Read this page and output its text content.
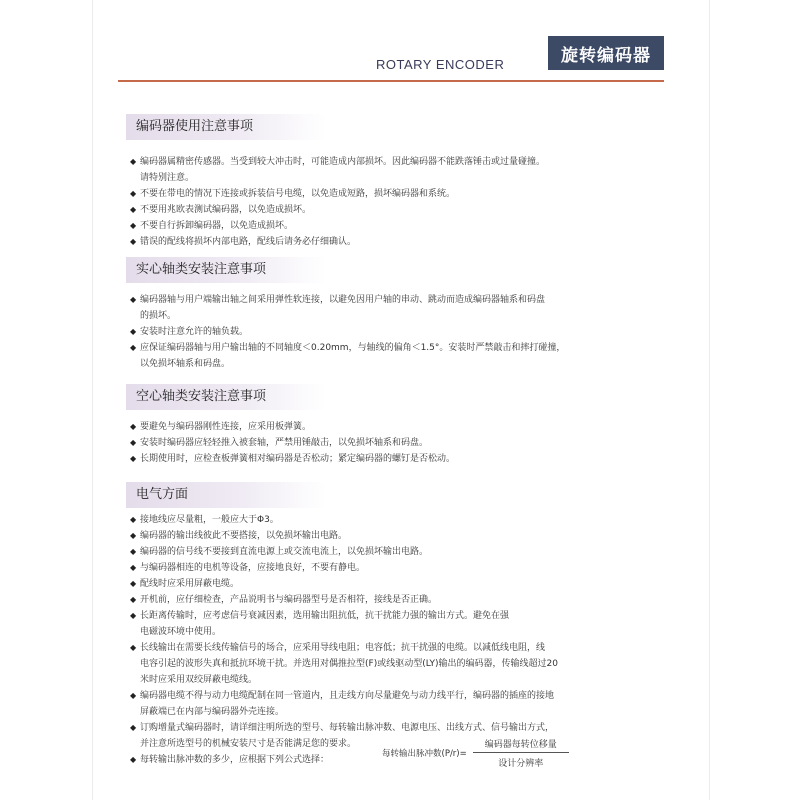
ROTARY ENCODER	旋转编码器
编码器使用注意事项
◆ 编码器属精密传感器。当受到较大冲击时，可能造成内部损坏。因此编码器不能跌落锤击或过量碰撞。
请特别注意。
◆ 不要在带电的情况下连接或拆装信号电缆，以免造成短路，损坏编码器和系统。
◆ 不要用兆欧表测试编码器，以免造成损坏。
◆ 不要自行拆卸编码器，以免造成损坏。
◆ 错误的配线将损坏内部电路，配线后请务必仔细确认。
实心轴类安装注意事项
◆ 编码器轴与用户端输出轴之间采用弹性软连接，以避免因用户轴的串动、跳动而造成编码器轴系和码盘
的损坏。
◆ 安装时注意允许的轴负载。
◆ 应保证编码器轴与用户输出轴的不同轴度＜0.20mm，与轴线的偏角＜1.5°。安装时严禁敲击和摔打碰撞，
以免损坏轴系和码盘。
空心轴类安装注意事项
◆ 要避免与编码器刚性连接，应采用板弹簧。
◆ 安装时编码器应轻轻推入被套轴，严禁用锤敲击，以免损坏轴系和码盘。
◆ 长期使用时，应检查板弹簧相对编码器是否松动；紧定编码器的螺钉是否松动。
电气方面
◆ 接地线应尽量粗，一般应大于Φ3。
◆ 编码器的输出线彼此不要搭接，以免损坏输出电路。
◆ 编码器的信号线不要接到直流电源上或交流电流上，以免损坏输出电路。
◆ 与编码器相连的电机等设备，应接地良好，不要有静电。
◆ 配线时应采用屏蔽电缆。
◆ 开机前，应仔细检查，产品说明书与编码器型号是否相符，接线是否正确。
◆ 长距离传输时，应考虑信号衰减因素，选用输出阻抗低，抗干扰能力强的输出方式。避免在强
电磁波环境中使用。
◆ 长线输出在需要长线传输信号的场合，应采用导线电阻；电容低；抗干扰强的电缆。以减低线电阻，线
电容引起的波形失真和抵抗环境干扰。并选用对偶推拉型(F)或线驱动型(LY)输出的编码器，传输线超过20
米时应采用双绞屏蔽电缆线。
◆ 编码器电缆不得与动力电缆配制在同一管道内，且走线方向尽量避免与动力线平行，编码器的插座的接地
屏蔽端已在内部与编码器外壳连接。
◆ 订购增量式编码器时，请详细注明所选的型号、每转输出脉冲数、电源电压、出线方式、信号输出方式，
并注意所选型号的机械安装尺寸是否能满足您的要求。
◆ 每转输出脉冲数的多少，应根据下列公式选择：
每转输出脉冲数$(P/r)= \frac{\text{编码器每转位移量}}{\text{设计分辨率}}$
